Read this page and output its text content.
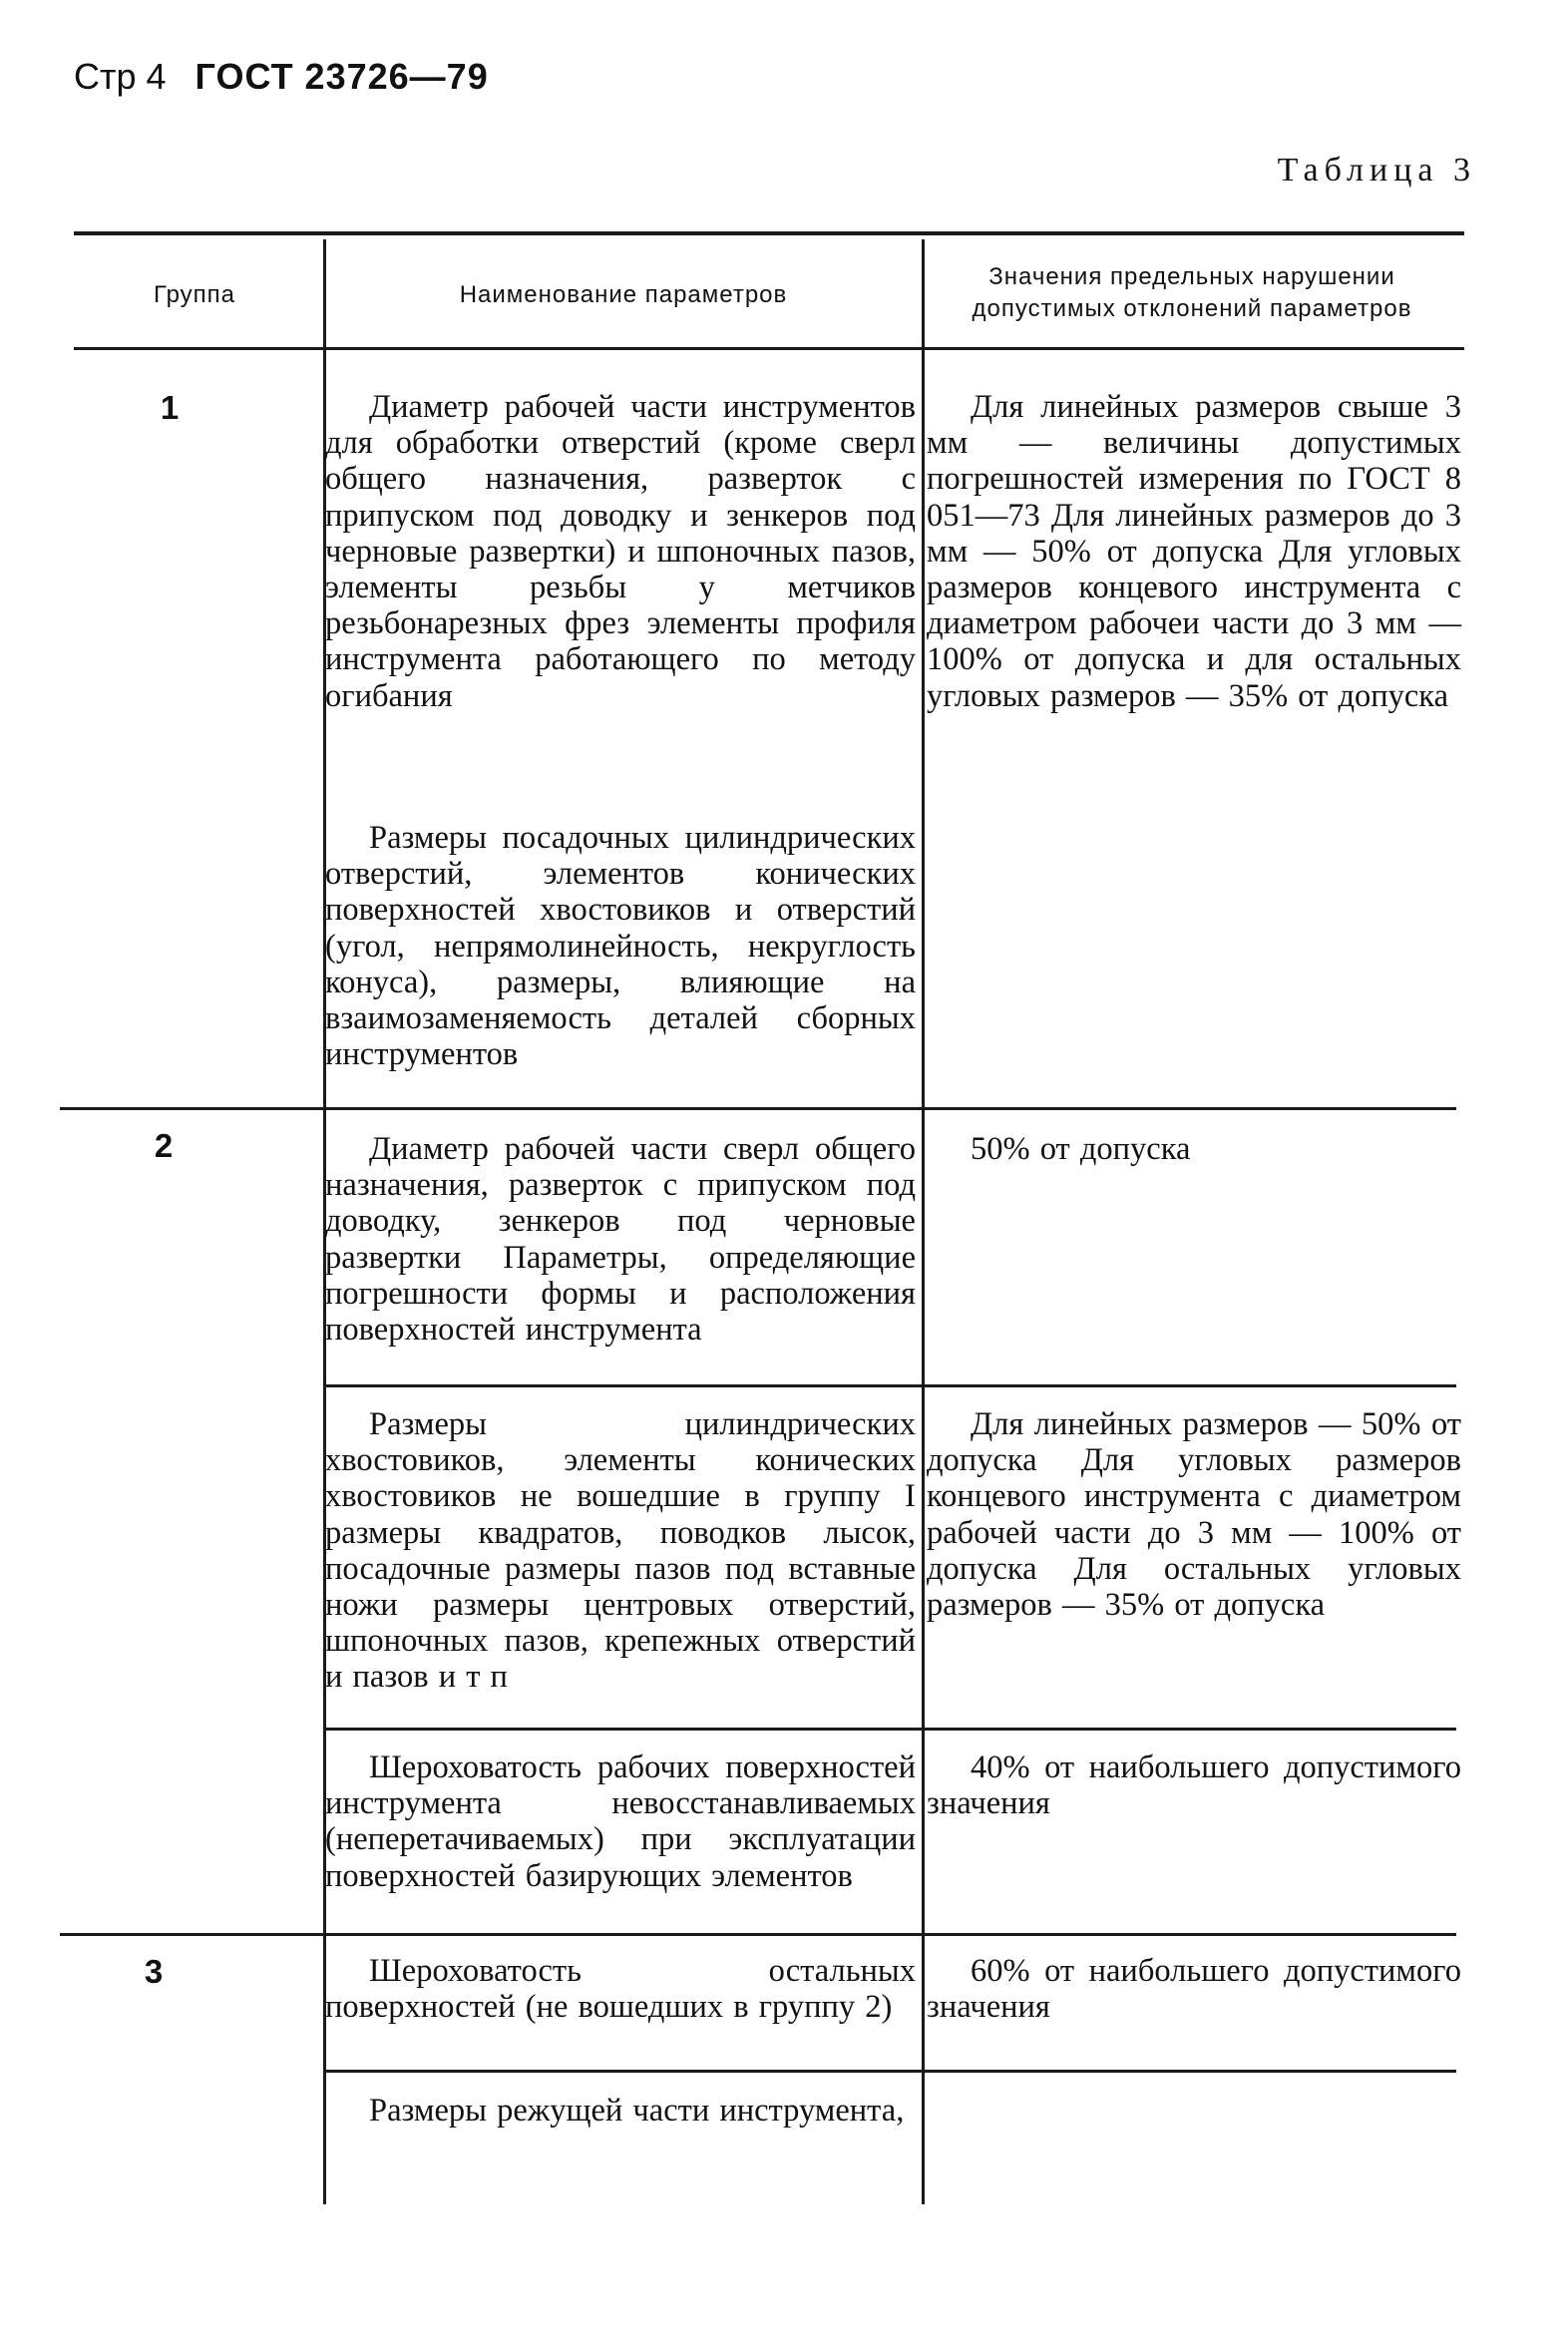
Стр 4 ГОСТ 23726—79
Таблица 3
Группа	Наименование параметров
Значения предельных нарушении допустимых отклонений параметров
1
2
3
Диаметр рабочей части инструментов для обработки отверстий (кроме сверл общего назначения, разверток с припуском под доводку и зенкеров под черновые развертки) и шпоночных пазов, элементы резьбы у метчиков резьбонарезных фрез элементы профиля инструмента работающего по методу огибания
Размеры посадочных цилиндрических отверстий, элементов конических поверхностей хвостовиков и отверстий (угол, непрямолинейность, некруглость конуса), размеры, влияющие на взаимозаменяемость деталей сборных инструментов
Диаметр рабочей части сверл общего назначения, разверток с припуском под доводку, зенкеров под черновые развертки Параметры, определяющие погрешности формы и расположения поверхностей инструмента
Размеры цилиндрических хвостовиков, элементы конических хвостовиков не вошедшие в группу I размеры квадратов, поводков лысок, посадочные размеры пазов под вставные ножи размеры центровых отверстий, шпоночных пазов, крепежных отверстий и пазов и т п
Шероховатость рабочих поверхностей инструмента невосстанавливаемых (неперетачиваемых) при эксплуатации поверхностей базирующих элементов
Шероховатость остальных поверхностей (не вошедших в группу 2)
Размеры режущей части инструмента,
Для линейных размеров свыше 3 мм — величины допустимых погрешностей измерения по ГОСТ 8 051—73 Для линейных размеров до 3 мм — 50% от допуска Для угловых размеров концевого инструмента с диаметром рабочеи части до 3 мм — 100% от допуска и для остальных угловых размеров — 35% от допуска
50% от допуска
Для линейных размеров — 50% от допуска Для угловых размеров концевого инструмента с диаметром рабочей части до 3 мм — 100% от допуска Для остальных угловых размеров — 35% от допуска
40% от наибольшего допустимого значения
60% от наибольшего допустимого значения
